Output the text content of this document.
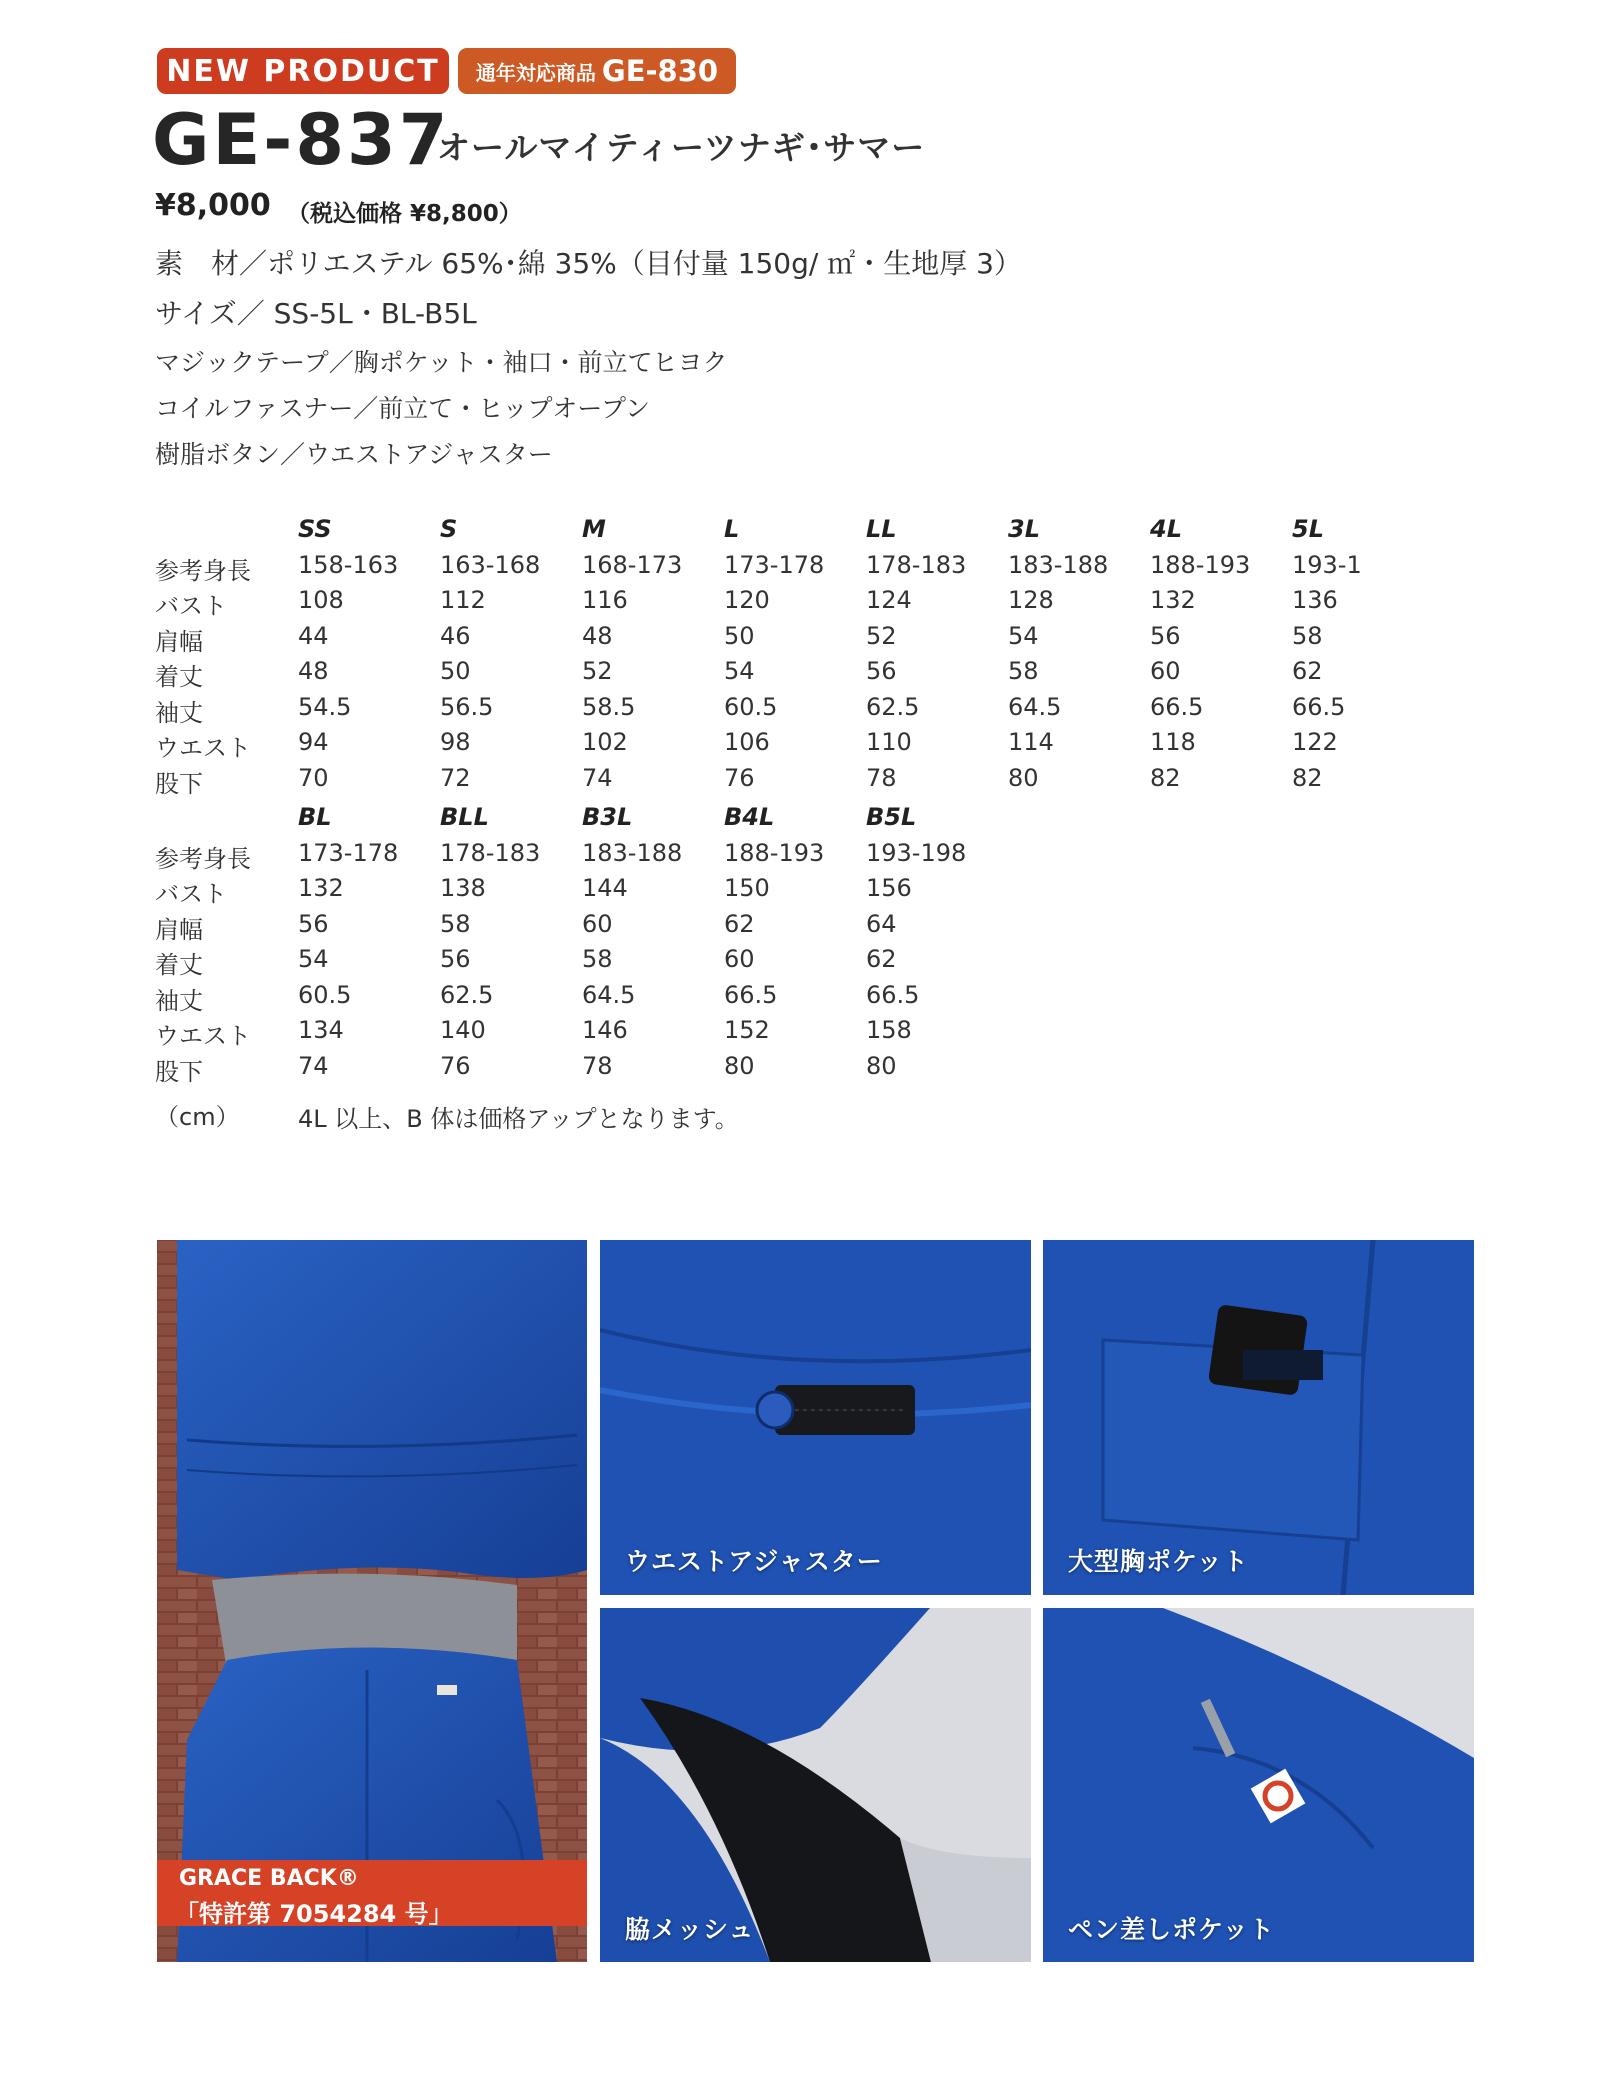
NEW PRODUCT 通年対応商品 GE-830
GE-837
オールマイティーツナギ･サマー
¥8,000 （税込価格 ¥8,800）
素　材／ポリエステル 65%･綿 35%（目付量 150g/ ㎡・生地厚 3）
サイズ／ SS-5L・BL-B5L
マジックテープ／胸ポケット・袖口・前立てヒヨク
コイルファスナー／前立て・ヒップオープン
樹脂ボタン／ウエストアジャスター
SS	S	M	L	LL	3L	4L	5L
参考身長 158-163 163-168 168-173 173-178 178-183 183-188 188-193 193-1
バスト	108	112	116	120	124	128	132	136
肩幅	44	46	48	50	52	54	56	58
着丈	48	50	52	54	56	58	60	62
袖丈	54.5	56.5	58.5	60.5	62.5	64.5	66.5	66.5
ウエスト 94	98	102	106	110	114	118	122
股下	70	72	74	76	78	80	82	82
BL	BLL	B3L	B4L	B5L
参考身長 173-178 178-183 183-188 188-193 193-198
バスト	132	138	144	150	156
肩幅	56	58	60	62	64
着丈	54	56	58	60	62
袖丈	60.5	62.5	64.5	66.5	66.5
ウエスト 134	140	146	152	158
股下	74	76	78	80	80
（cm） 4L 以上、B 体は価格アップとなります。
GRACE BACK®
「特許第 7054284 号」
ウエストアジャスター	大型胸ポケット
脇メッシュ	ペン差しポケット
